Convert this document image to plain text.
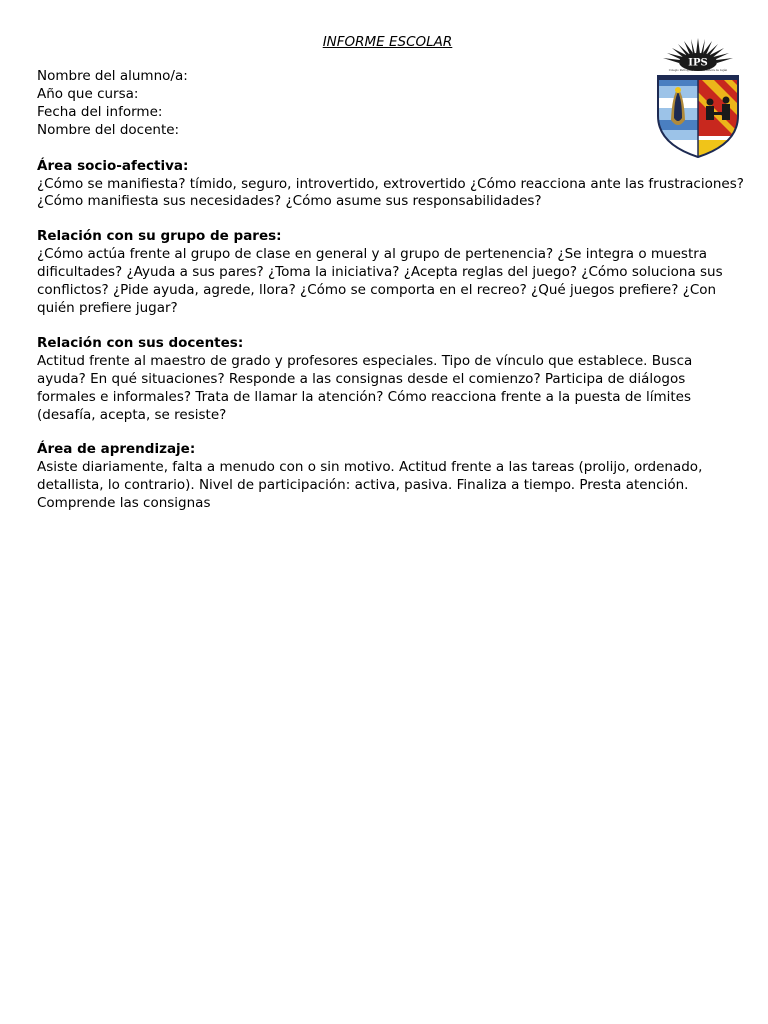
INFORME ESCOLAR
IPS
Colegio Parroquial Nuestra Señora de Luján
Nombre del alumno/a:
Año que cursa:
Fecha del informe:
Nombre del docente:
Área socio-afectiva:
¿Cómo se manifiesta? tímido, seguro, introvertido, extrovertido ¿Cómo reacciona ante las frustraciones?
¿Cómo manifiesta sus necesidades? ¿Cómo asume sus responsabilidades?
Relación con su grupo de pares:
¿Cómo actúa frente al grupo de clase en general y al grupo de pertenencia? ¿Se integra o muestra dificultades? ¿Ayuda a sus pares? ¿Toma la iniciativa? ¿Acepta reglas del juego? ¿Cómo soluciona sus conflictos? ¿Pide ayuda, agrede, llora? ¿Cómo se comporta en el recreo? ¿Qué juegos prefiere? ¿Con quién prefiere jugar?
Relación con sus docentes:
Actitud frente al maestro de grado y profesores especiales. Tipo de vínculo que establece. Busca ayuda? En qué situaciones? Responde a las consignas desde el comienzo? Participa de diálogos formales e informales? Trata de llamar la atención? Cómo reacciona frente a la puesta de límites (desafía, acepta, se resiste?
Área de aprendizaje:
Asiste diariamente, falta a menudo con o sin motivo. Actitud frente a las tareas (prolijo, ordenado, detallista, lo contrario). Nivel de participación: activa, pasiva. Finaliza a tiempo. Presta atención. Comprende las consignas
